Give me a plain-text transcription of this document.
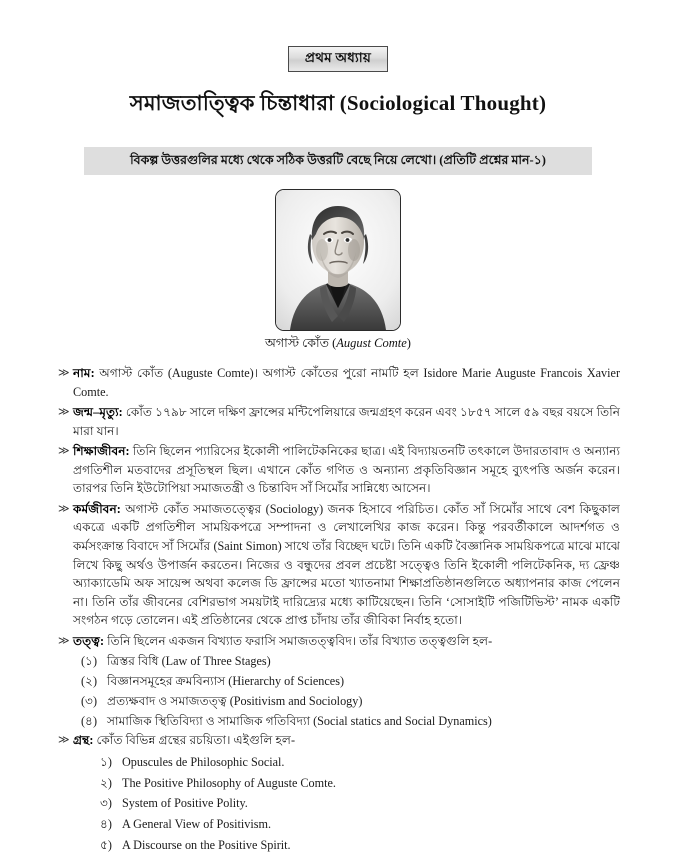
প্রথম অধ্যায়
সমাজতাত্ত্বিক চিন্তাধারা (Sociological Thought)
বিকল্প উত্তরগুলির মধ্যে থেকে সঠিক উত্তরটি বেছে নিয়ে লেখো। (প্রতিটি প্রশ্নের মান-১)
অগাস্ট কোঁত (August Comte)
≫ নাম: অগাস্ট কোঁত (Auguste Comte)। অগাস্ট কোঁতের পুরো নামটি হল Isidore Marie Auguste Francois Xavier Comte.
≫ জন্ম–মৃত্যু: কোঁত ১৭৯৮ সালে দক্ষিণ ফ্রান্সের মন্টিপেলিয়ারে জন্মগ্রহণ করেন এবং ১৮৫৭ সালে ৫৯ বছর বয়সে তিনি মারা যান।
≫ শিক্ষাজীবন: তিনি ছিলেন প্যারিসের ইকোলী পালিটেকনিকের ছাত্র। এই বিদ্যায়তনটি তৎকালে উদারতাবাদ ও অন্যান্য প্রগতিশীল মতবাদের প্রসূতিস্থল ছিল। এখানে কোঁত গণিত ও অন্যান্য প্রকৃতিবিজ্ঞান সমূহে ব্যুৎপত্তি অর্জন করেন। তারপর তিনি ইউটোপিয়া সমাজতন্ত্রী ও চিন্তাবিদ সাঁ সিমোঁর সান্নিধ্যে আসেন।
≫ কর্মজীবন: অগাস্ট কোঁত সমাজতত্ত্বের (Sociology) জনক হিসাবে পরিচিত। কোঁত সাঁ সিমোঁর সাথে বেশ কিছুকাল একত্রে একটি প্রগতিশীল সাময়িকপত্রে সম্পাদনা ও লেখালেখির কাজ করেন। কিন্তু পরবর্তীকালে আদর্শগত ও কর্মসংক্রান্ত বিবাদে সাঁ সিমোঁর (Saint Simon) সাথে তাঁর বিচ্ছেদ ঘটে। তিনি একটি বৈজ্ঞানিক সাময়িকপত্রে মাঝে মাঝে লিখে কিছু অর্থও উপার্জন করতেন। নিজের ও বন্ধুদের প্রবল প্রচেষ্টা সত্ত্বেও তিনি ইকোলী পলিটেকনিক, দ্য ফ্রেঞ্চ অ্যাক্যাডেমি অফ সায়েন্স অথবা কলেজ ডি ফ্রান্সের মতো খ্যাতনামা শিক্ষাপ্রতিষ্ঠানগুলিতে অধ্যাপনার কাজ পেলেন না। তিনি তাঁর জীবনের বেশিরভাগ সময়টাই দারিদ্র্যের মধ্যে কাটিয়েছেন। তিনি ‘সোসাইটি পজিটিভিস্ট’ নামক একটি সংগঠন গড়ে তোলেন। এই প্রতিষ্ঠানের থেকে প্রাপ্ত চাঁদায় তাঁর জীবিকা নির্বাহ হতো।
≫ তত্ত্ব: তিনি ছিলেন একজন বিখ্যাত ফরাসি সমাজতত্ত্ববিদ। তাঁর বিখ্যাত তত্ত্বগুলি হল-
(১) ত্রিস্তর বিধি (Law of Three Stages)
(২) বিজ্ঞানসমূহের ক্রমবিন্যাস (Hierarchy of Sciences)
(৩) প্রত্যক্ষবাদ ও সমাজতত্ত্ব (Positivism and Sociology)
(৪) সামাজিক স্থিতিবিদ্যা ও সামাজিক গতিবিদ্যা (Social statics and Social Dynamics)
≫ গ্রন্থ: কোঁত বিভিন্ন গ্রন্থের রচয়িতা। এইগুলি হল-
১) Opuscules de Philosophic Social.
২) The Positive Philosophy of Auguste Comte.
৩) System of Positive Polity.
৪) A General View of Positivism.
৫) A Discourse on the Positive Spirit.
